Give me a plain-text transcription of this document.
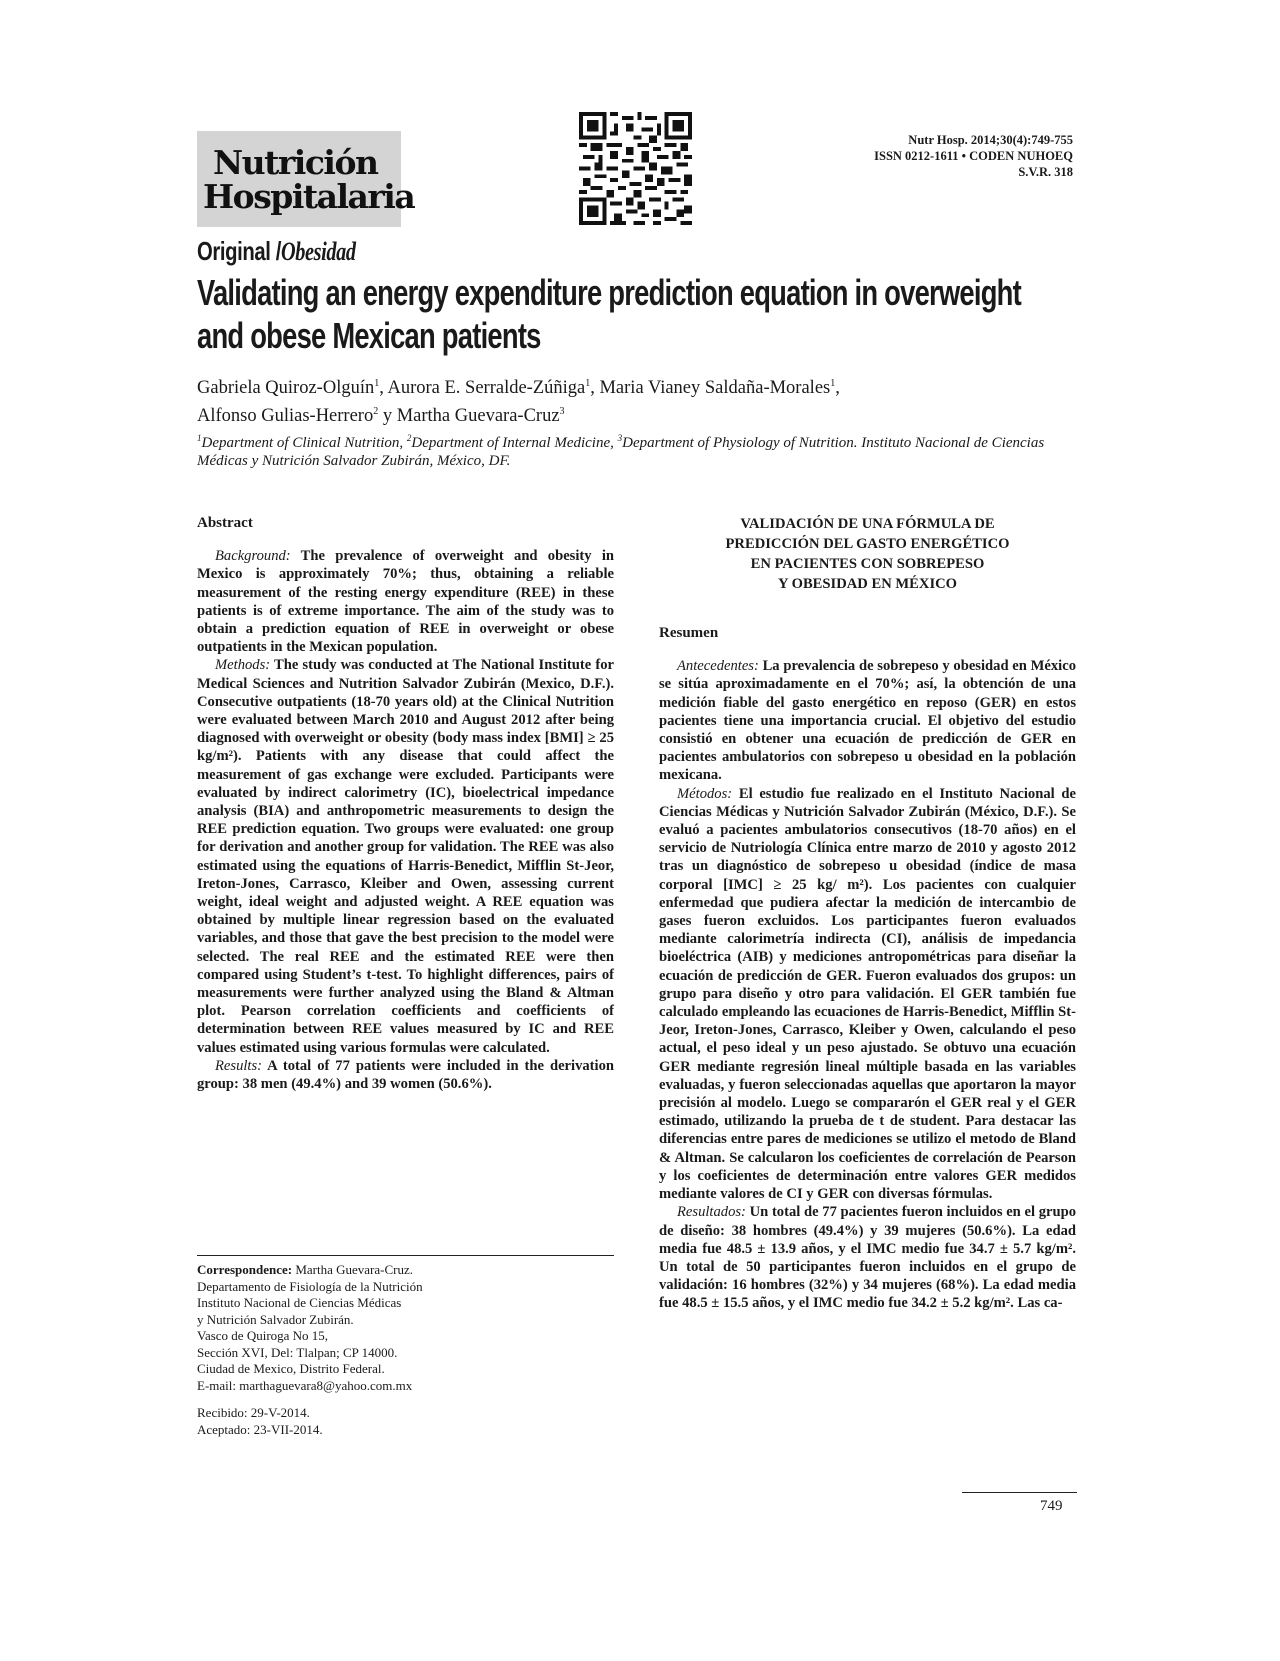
Nutrición
Hospitalaria
Nutr Hosp. 2014;30(4):749-755
ISSN 0212-1611 • CODEN NUHOEQ
S.V.R. 318
Original /Obesidad
Validating an energy expenditure prediction equation in overweight
and obese Mexican patients
Gabriela Quiroz-Olguín$^1$, Aurora E. Serralde-Zúñiga$^1$, Maria Vianey Saldaña-Morales$^1$,
Alfonso Gulias-Herrero$^2$ y Martha Guevara-Cruz$^3$
$^1$Department of Clinical Nutrition, $^2$Department of Internal Medicine, $^3$Department of Physiology of Nutrition. Instituto Nacional de Ciencias Médicas y Nutrición Salvador Zubirán, México, DF.
Abstract

Background: The prevalence of overweight and obesity in Mexico is approximately 70%; thus, obtaining a reliable measurement of the resting energy expenditure (REE) in these patients is of extreme importance. The aim of the study was to obtain a prediction equation of REE in overweight or obese outpatients in the Mexican population.

Methods: The study was conducted at The National Institute for Medical Sciences and Nutrition Salvador Zubirán (Mexico, D.F.). Consecutive outpatients (18-70 years old) at the Clinical Nutrition were evaluated between March 2010 and August 2012 after being diagnosed with overweight or obesity (body mass index [BMI] ≥ 25 kg/m²). Patients with any disease that could affect the measurement of gas exchange were excluded. Participants were evaluated by indirect calorimetry (IC), bioelectrical impedance analysis (BIA) and anthropometric measurements to design the REE prediction equation. Two groups were evaluated: one group for derivation and another group for validation. The REE was also estimated using the equations of Harris-Benedict, Mifflin St-Jeor, Ireton-Jones, Carrasco, Kleiber and Owen, assessing current weight, ideal weight and adjusted weight. A REE equation was obtained by multiple linear regression based on the evaluated variables, and those that gave the best precision to the model were selected. The real REE and the estimated REE were then compared using Student’s t-test. To highlight differences, pairs of measurements were further analyzed using the Bland & Altman plot. Pearson correlation coefficients and coefficients of determination between REE values measured by IC and REE values estimated using various formulas were calculated.

Results: A total of 77 patients were included in the derivation group: 38 men (49.4%) and 39 women (50.6%).

Correspondence: Martha Guevara-Cruz.
Departamento de Fisiología de la Nutrición
Instituto Nacional de Ciencias Médicas
y Nutrición Salvador Zubirán.
Vasco de Quiroga No 15,
Sección XVI, Del: Tlalpan; CP 14000.
Ciudad de Mexico, Distrito Federal.
E-mail: marthaguevara8@yahoo.com.mx
Recibido: 29-V-2014.
Aceptado: 23-VII-2014.
VALIDACIÓN DE UNA FÓRMULA DE
PREDICCIÓN DEL GASTO ENERGÉTICO
EN PACIENTES CON SOBREPESO
Y OBESIDAD EN MÉXICO
Resumen

Antecedentes: La prevalencia de sobrepeso y obesidad en México se sitúa aproximadamente en el 70%; así, la obtención de una medición fiable del gasto energético en reposo (GER) en estos pacientes tiene una importancia crucial. El objetivo del estudio consistió en obtener una ecuación de predicción de GER en pacientes ambulatorios con sobrepeso u obesidad en la población mexicana.

Métodos: El estudio fue realizado en el Instituto Nacional de Ciencias Médicas y Nutrición Salvador Zubirán (México, D.F.). Se evaluó a pacientes ambulatorios consecutivos (18-70 años) en el servicio de Nutriología Clínica entre marzo de 2010 y agosto 2012 tras un diagnóstico de sobrepeso u obesidad (índice de masa corporal [IMC] ≥ 25 kg/ m²). Los pacientes con cualquier enfermedad que pudiera afectar la medición de intercambio de gases fueron excluidos. Los participantes fueron evaluados mediante calorimetría indirecta (CI), análisis de impedancia bioeléctrica (AIB) y mediciones antropométricas para diseñar la ecuación de predicción de GER. Fueron evaluados dos grupos: un grupo para diseño y otro para validación. El GER también fue calculado empleando las ecuaciones de Harris-Benedict, Mifflin St-Jeor, Ireton-Jones, Carrasco, Kleiber y Owen, calculando el peso actual, el peso ideal y un peso ajustado. Se obtuvo una ecuación GER mediante regresión lineal múltiple basada en las variables evaluadas, y fueron seleccionadas aquellas que aportaron la mayor precisión al modelo. Luego se compararón el GER real y el GER estimado, utilizando la prueba de t de student. Para destacar las diferencias entre pares de mediciones se utilizo el metodo de Bland & Altman. Se calcularon los coeficientes de correlación de Pearson y los coeficientes de determinación entre valores GER medidos mediante valores de CI y GER con diversas fórmulas.

Resultados: Un total de 77 pacientes fueron incluidos en el grupo de diseño: 38 hombres (49.4%) y 39 mujeres (50.6%). La edad media fue 48.5 ± 13.9 años, y el IMC medio fue 34.7 ± 5.7 kg/m². Un total de 50 participantes fueron incluidos en el grupo de validación: 16 hombres (32%) y 34 mujeres (68%). La edad media fue 48.5 ± 15.5 años, y el IMC medio fue 34.2 ± 5.2 kg/m². Las ca-

749
